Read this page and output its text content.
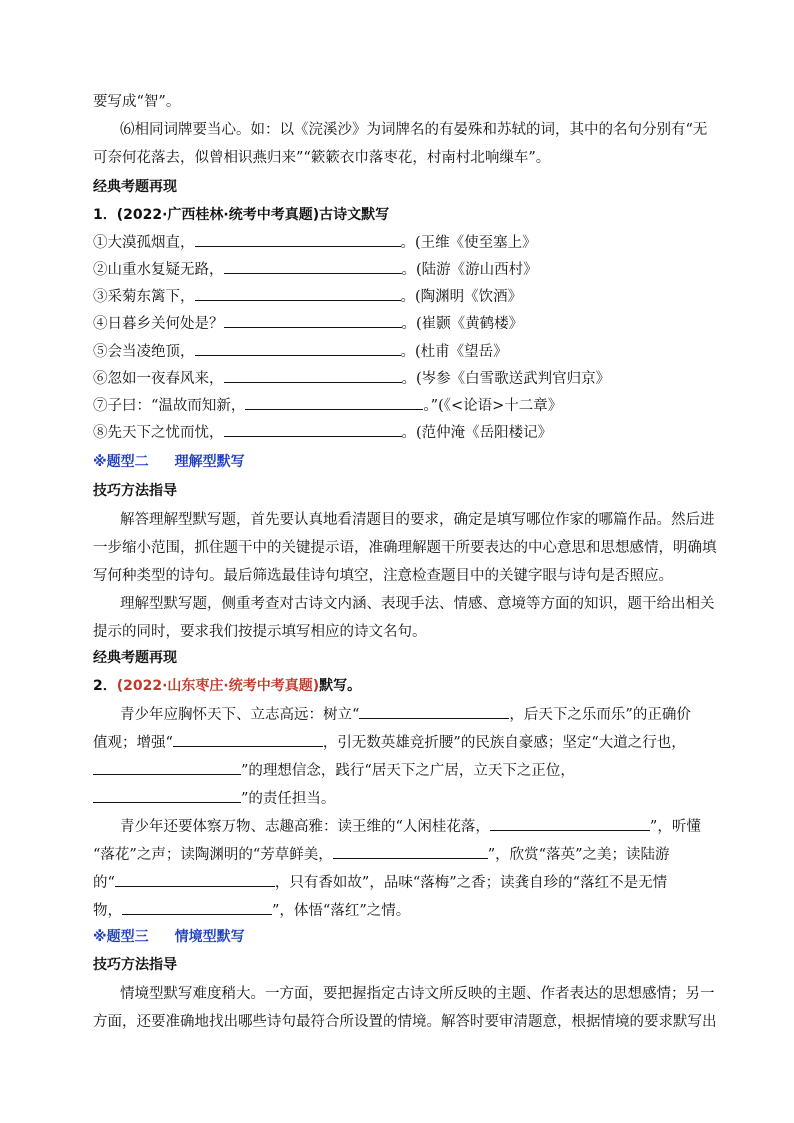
要写成“智”。
⑹相同词牌要当心。如：以《浣溪沙》为词牌名的有晏殊和苏轼的词，其中的名句分别有“无
可奈何花落去，似曾相识燕归来”“簌簌衣巾落枣花，村南村北响缫车”。
经典考题再现
1．(2022·广西桂林·统考中考真题)古诗文默写
①大漠孤烟直，	。(王维《使至塞上》
②山重水复疑无路，	。(陆游《游山西村》
③采菊东篱下，	。(陶渊明《饮酒》
④日暮乡关何处是？	。(崔颢《黄鹤楼》
⑤会当凌绝顶，	。(杜甫《望岳》
⑥忽如一夜春风来，	。(岑参《白雪歌送武判官归京》
⑦子曰：“温故而知新，	。”(《<论语>十二章》
⑧先天下之忧而忧，	。(范仲淹《岳阳楼记》
※题型二 理解型默写
技巧方法指导
解答理解型默写题，首先要认真地看清题目的要求，确定是填写哪位作家的哪篇作品。然后进
一步缩小范围，抓住题干中的关键提示语，准确理解题干所要表达的中心意思和思想感情，明确填
写何种类型的诗句。最后筛选最佳诗句填空，注意检查题目中的关键字眼与诗句是否照应。
理解型默写题，侧重考查对古诗文内涵、表现手法、情感、意境等方面的知识，题干给出相关
提示的同时，要求我们按提示填写相应的诗文名句。
经典考题再现
2．(2022·山东枣庄·统考中考真题)默写。
青少年应胸怀天下、立志高远：树立“	，后天下之乐而乐”的正确价
值观；增强“	，引无数英雄竞折腰”的民族自豪感；坚定“大道之行也，
”的理想信念，践行“居天下之广居，立天下之正位，
”的责任担当。
青少年还要体察万物、志趣高雅：读王维的“人闲桂花落，	”，听懂
“落花”之声；读陶渊明的“芳草鲜美，	”，欣赏“落英”之美；读陆游
的“	，只有香如故”，品味“落梅”之香；读龚自珍的“落红不是无情
物，	”，体悟“落红”之情。
※题型三 情境型默写
技巧方法指导
情境型默写难度稍大。一方面，要把握指定古诗文所反映的主题、作者表达的思想感情；另一
方面，还要准确地找出哪些诗句最符合所设置的情境。解答时要审清题意，根据情境的要求默写出
